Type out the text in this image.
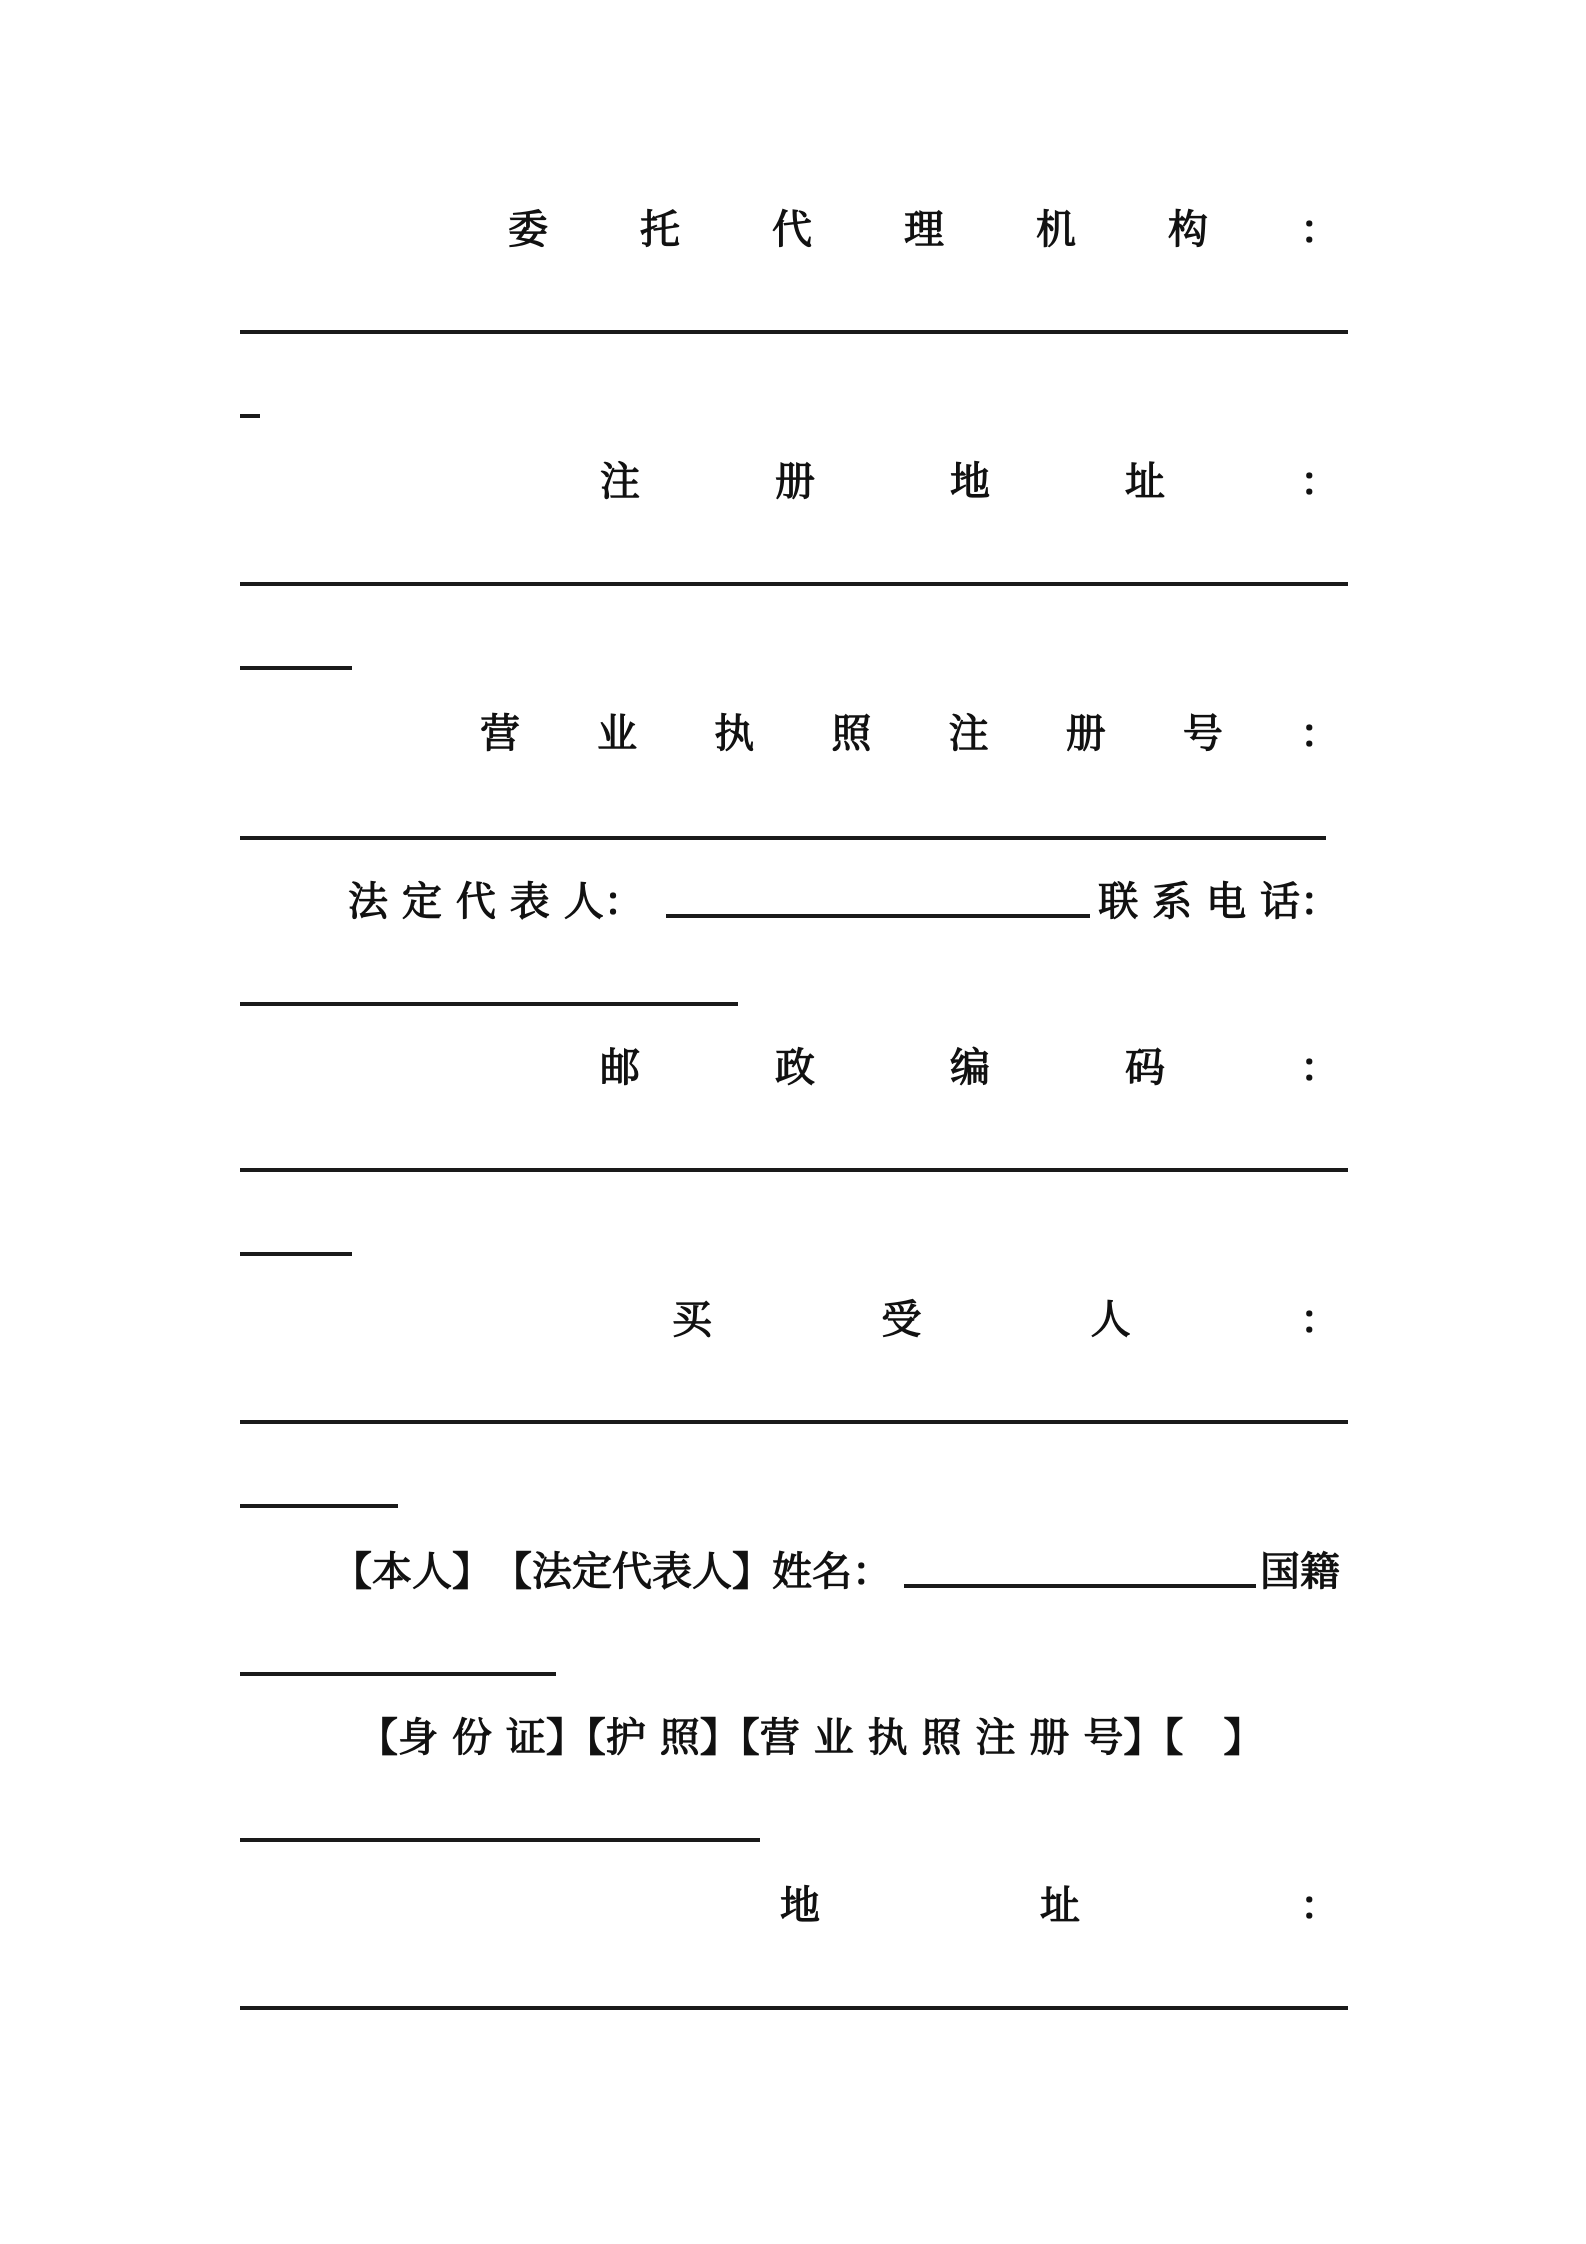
委 托 代 理 机 构 ：
注	册	地	址	：
营 业 执 照 注 册 号 ：
法 定 代 表 人：	联 系 电 话：
邮	政	编	码	：
买	受	人	：
【本人】 【法定代表人】 姓名：	国籍
【身 份 证】【护 照】【营 业 执 照 注 册 号】【　】
地	址	：
